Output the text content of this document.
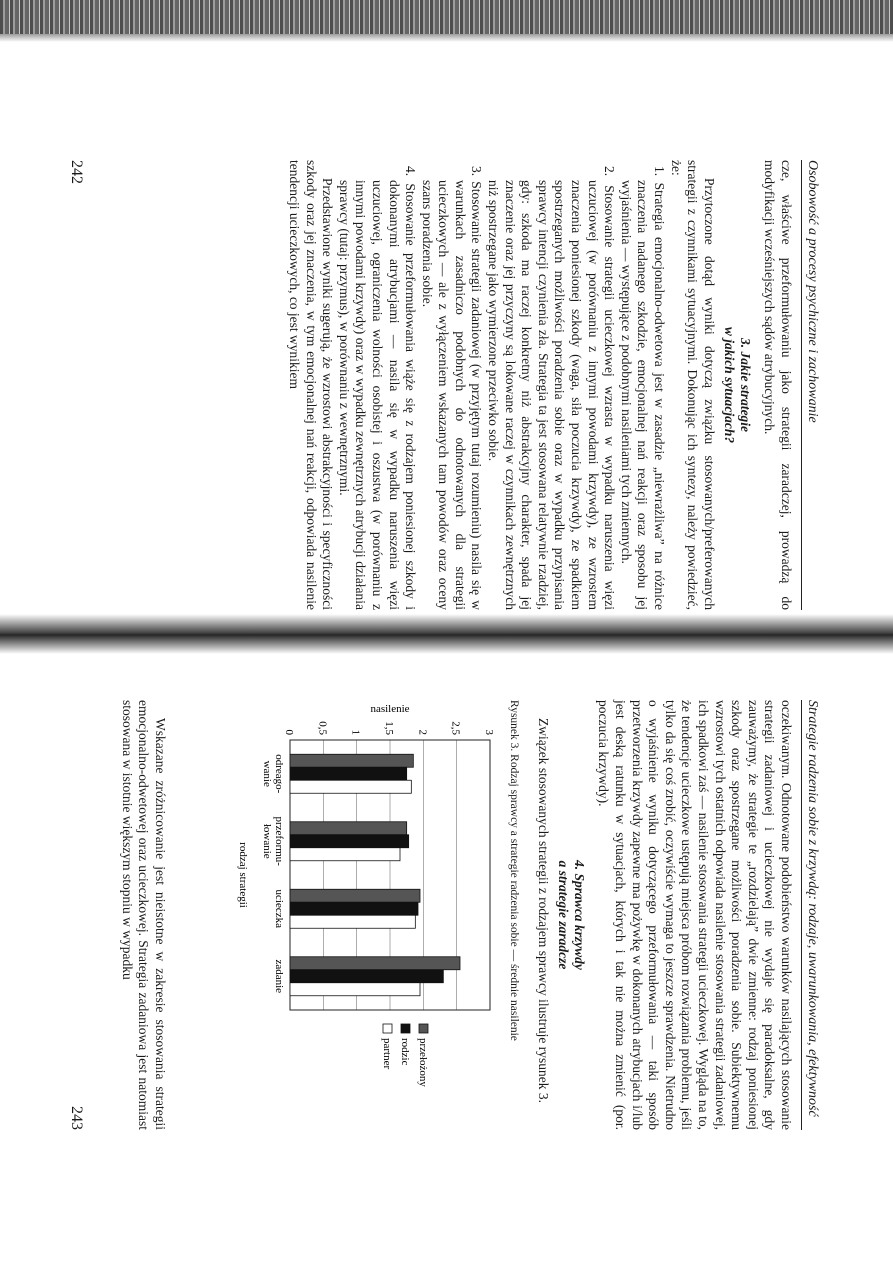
Osobowość a procesy psychiczne i zachowanie

cze, właściwe przeformułowaniu jako strategii zaradczej, prowadzą do modyfikacji wcześniejszych sądów atrybucyjnych.

3. Jakie strategie
w jakich sytuacjach?

Przytoczone dotąd wyniki dotyczą związku stosowanych/preferowanych strategii z czynnikami sytuacyjnymi. Dokonując ich syntezy, należy powiedzieć, że:

1. Strategia emocjonalno-odwetowa jest w zasadzie „niewrażliwa” na różnice znaczenia nadanego szkodzie, emocjonalnej nań reakcji oraz sposobu jej wyjaśnienia — występujące z podobnymi nasileniami tych zmiennych.

2. Stosowanie strategii ucieczkowej wzrasta w wypadku naruszenia więzi uczuciowej (w porównaniu z innymi powodami krzywdy), ze wzrostem znaczenia poniesionej szkody (waga, siła poczucia krzywdy), ze spadkiem spostrzeganych możliwości poradzenia sobie oraz w wypadku przypisania sprawcy intencji czynienia zła. Strategia ta jest stosowana relatywnie rzadziej, gdy: szkoda ma raczej konkretny niż abstrakcyjny charakter, spada jej znaczenie oraz jej przyczyny są lokowane raczej w czynnikach zewnętrznych niż spostrzegane jako wymierzone przeciwko sobie.

3. Stosowanie strategii zadaniowej (w przyjętym tutaj rozumieniu) nasila się w warunkach zasadniczo podobnych do odnotowanych dla strategii ucieczkowych — ale z wyłączeniem wskazanych tam powodów oraz oceny szans poradzenia sobie.

4. Stosowanie przeformułowania wiąże się z rodzajem poniesionej szkody i dokonanymi atrybucjami — nasila się w wypadku naruszenia więzi uczuciowej, ograniczenia wolności osobistej i oszustwa (w porównaniu z innymi powodami krzywdy) oraz w wypadku zewnętrznych atrybucji działania sprawcy (tutaj: przymus), w porównaniu z wewnętrznymi.

Przedstawione wyniki sugerują, że wzrostowi abstrakcyjności i specyficzności szkody oraz jej znaczenia, w tym emocjonalnej nań reakcji, odpowiada nasilenie tendencji ucieczkowych, co jest wynikiem

242
Strategie radzenia sobie z krzywdą: rodzaje, uwarunkowania, efektywność

oczekiwanym. Odnotowane podobieństwo warunków nasilających stosowanie strategii zadaniowej i ucieczkowej nie wydaje się paradoksalne, gdy zauważymy, że strategie te „rozdzielają” dwie zmienne: rodzaj poniesionej szkody oraz spostrzegane możliwości poradzenia sobie. Subiektywnemu wzrostowi tych ostatnich odpowiada nasilenie stosowania strategii zadaniowej, ich spadkowi zaś — nasilenie stosowania strategii ucieczkowej. Wygląda na to, że tendencje ucieczkowe ustępują miejsca próbom rozwiązania problemu, jeśli tylko da się coś zrobić, oczywiście wymaga to jeszcze sprawdzenia. Nietrudno o wyjaśnienie wyniku dotyczącego przeformułowania — taki sposób przetworzenia krzywdy zapewne ma pożywkę w dokonanych atrybucjach i/lub jest deską ratunku w sytuacjach, których i tak nie można zmienić (por. poczucia krzywdy).

4. Sprawca krzywdy
a strategie zaradcze

Związek stosowanych strategii z rodzajem sprawcy ilustruje rysunek 3.

Rysunek 3. Rodzaj sprawcy a strategie radzenia sobie — średnie nasilenie
0 0,5 1 1,5 2 2,5 3
nasilenie
odreago-
wanie
przeformu-
łowanie
ucieczka
zadanie
rodzaj strategii
przełożony
rodzic
partner

Wskazane zróżnicowanie jest nieistotne w zakresie stosowania strategii emocjonalno-odwetowej oraz ucieczkowej. Strategia zadaniowa jest natomiast stosowana w istotnie większym stopniu w wypadku

243
